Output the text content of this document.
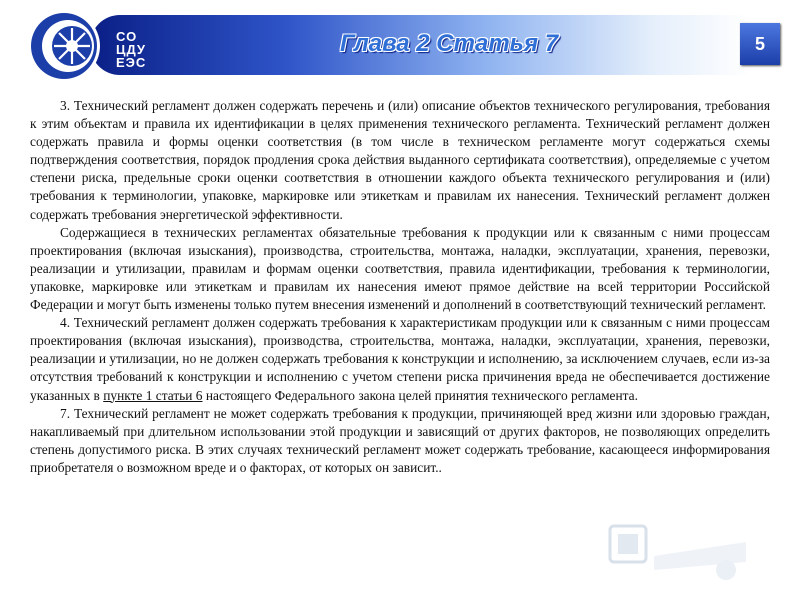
СО
ЦДУ
ЕЭС
Глава 2 Статья 7	5

3. Технический регламент должен содержать перечень и (или) описание объектов технического регулирования, требования к этим объектам и правила их идентификации в целях применения технического регламента. Технический регламент должен содержать правила и формы оценки соответствия (в том числе в техническом регламенте могут содержаться схемы подтверждения соответствия, порядок продления срока действия выданного сертификата соответствия), определяемые с учетом степени риска, предельные сроки оценки соответствия в отношении каждого объекта технического регулирования и (или) требования к терминологии, упаковке, маркировке или этикеткам и правилам их нанесения. Технический регламент должен содержать требования энергетической эффективности.

Содержащиеся в технических регламентах обязательные требования к продукции или к связанным с ними процессам проектирования (включая изыскания), производства, строительства, монтажа, наладки, эксплуатации, хранения, перевозки, реализации и утилизации, правилам и формам оценки соответствия, правила идентификации, требования к терминологии, упаковке, маркировке или этикеткам и правилам их нанесения имеют прямое действие на всей территории Российской Федерации и могут быть изменены только путем внесения изменений и дополнений в соответствующий технический регламент.

4. Технический регламент должен содержать требования к характеристикам продукции или к связанным с ними процессам проектирования (включая изыскания), производства, строительства, монтажа, наладки, эксплуатации, хранения, перевозки, реализации и утилизации, но не должен содержать требования к конструкции и исполнению, за исключением случаев, если из-за отсутствия требований к конструкции и исполнению с учетом степени риска причинения вреда не обеспечивается достижение указанных в пункте 1 статьи 6 настоящего Федерального закона целей принятия технического регламента.

7. Технический регламент не может содержать требования к продукции, причиняющей вред жизни или здоровью граждан, накапливаемый при длительном использовании этой продукции и зависящий от других факторов, не позволяющих определить степень допустимого риска. В этих случаях технический регламент может содержать требование, касающееся информирования приобретателя о возможном вреде и о факторах, от которых он зависит..
